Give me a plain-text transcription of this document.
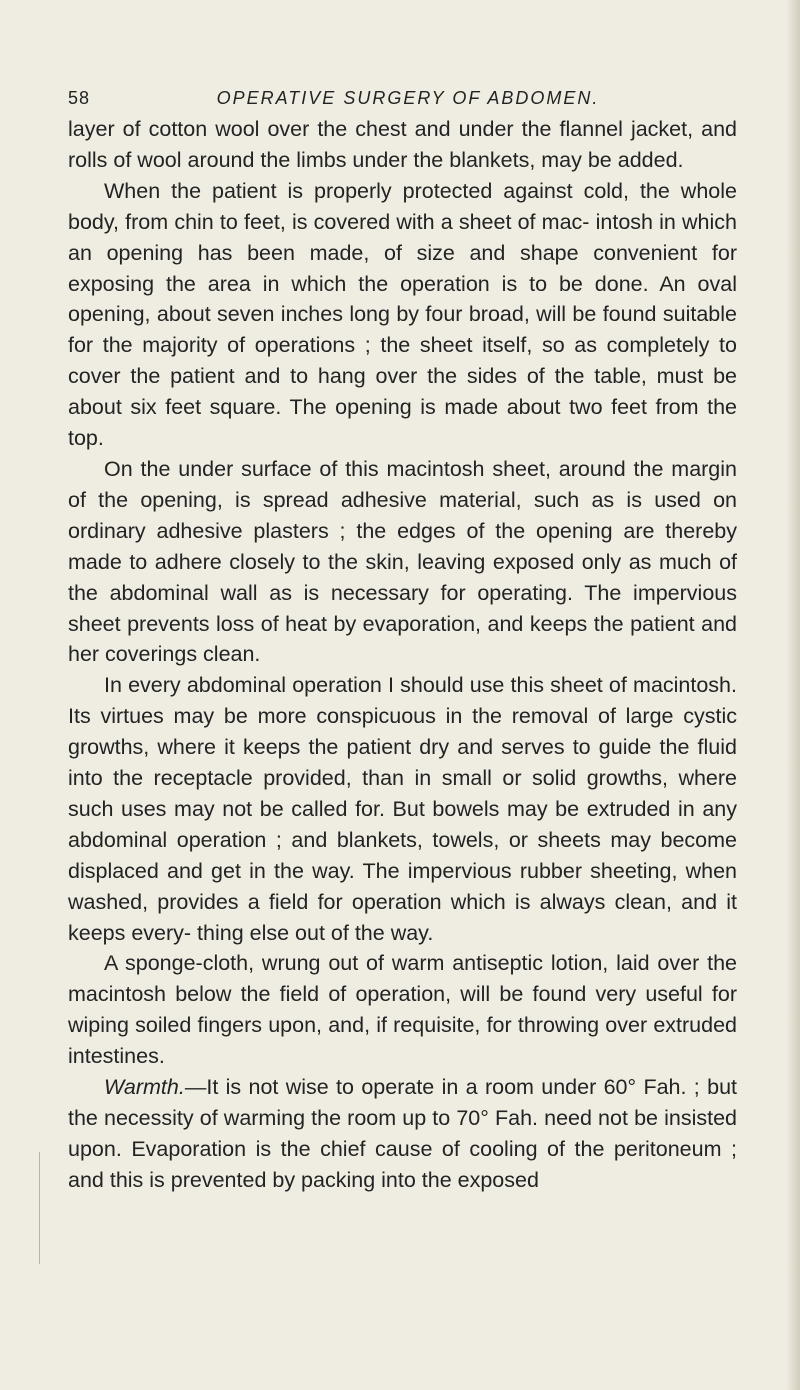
58	OPERATIVE SURGERY OF ABDOMEN.

layer of cotton wool over the chest and under the flannel jacket, and rolls of wool around the limbs under the blankets, may be added.

When the patient is properly protected against cold, the whole body, from chin to feet, is covered with a sheet of mac- intosh in which an opening has been made, of size and shape convenient for exposing the area in which the operation is to be done. An oval opening, about seven inches long by four broad, will be found suitable for the majority of operations ; the sheet itself, so as completely to cover the patient and to hang over the sides of the table, must be about six feet square. The opening is made about two feet from the top.

On the under surface of this macintosh sheet, around the margin of the opening, is spread adhesive material, such as is used on ordinary adhesive plasters ; the edges of the opening are thereby made to adhere closely to the skin, leaving exposed only as much of the abdominal wall as is necessary for operating. The impervious sheet prevents loss of heat by evaporation, and keeps the patient and her coverings clean.

In every abdominal operation I should use this sheet of macintosh. Its virtues may be more conspicuous in the removal of large cystic growths, where it keeps the patient dry and serves to guide the fluid into the receptacle provided, than in small or solid growths, where such uses may not be called for. But bowels may be extruded in any abdominal operation ; and blankets, towels, or sheets may become displaced and get in the way. The impervious rubber sheeting, when washed, provides a field for operation which is always clean, and it keeps every- thing else out of the way.

A sponge-cloth, wrung out of warm antiseptic lotion, laid over the macintosh below the field of operation, will be found very useful for wiping soiled fingers upon, and, if requisite, for throwing over extruded intestines.

Warmth.—It is not wise to operate in a room under 60° Fah. ; but the necessity of warming the room up to 70° Fah. need not be insisted upon. Evaporation is the chief cause of cooling of the peritoneum ; and this is prevented by packing into the exposed
